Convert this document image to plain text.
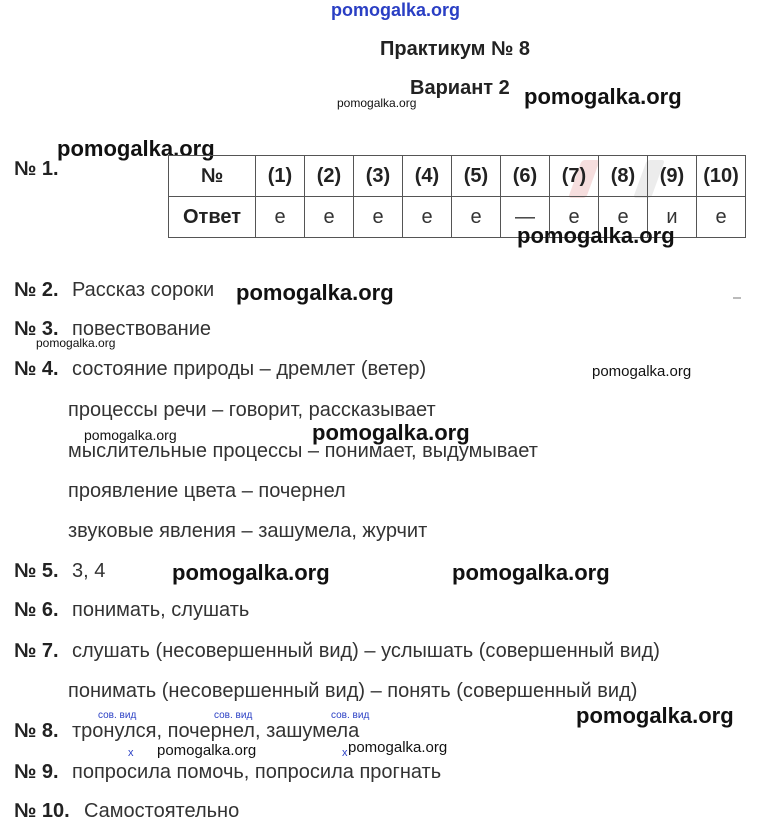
pomogalka.org
Практикум № 8
Вариант 2
pomogalka.org	pomogalka.org
pomogalka.org
№ 1.	№	(1)	(2)	(3)	(4)	(5)	(6)	(7)	(8)	(9)	(10)
Ответ	е	е	е	е	е	—	е	е	и	е
pomogalka.org
№ 2. Рассказ сороки pomogalka.org
№ 3. повествование
pomogalka.org
№ 4. состояние природы – дремлет (ветер)	pomogalka.org
процессы речи – говорит, рассказывает
pomogalka.org	pomogalka.org
мыслительные процессы – понимает, выдумывает
проявление цвета – почернел
звуковые явления – зашумела, журчит
№ 5. 3, 4	pomogalka.org	pomogalka.org
№ 6. понимать, слушать
№ 7. слушать (несовершенный вид) – услышать (совершенный вид)
понимать (несовершенный вид) – понять (совершенный вид)
pomogalka.org
сов. вид	сов. вид	сов. вид
№ 8. тронулся, почернел, зашумела
х pomogalka.org	х pomogalka.org
№ 9. попросила помочь, попросила прогнать
№ 10. Самостоятельно
